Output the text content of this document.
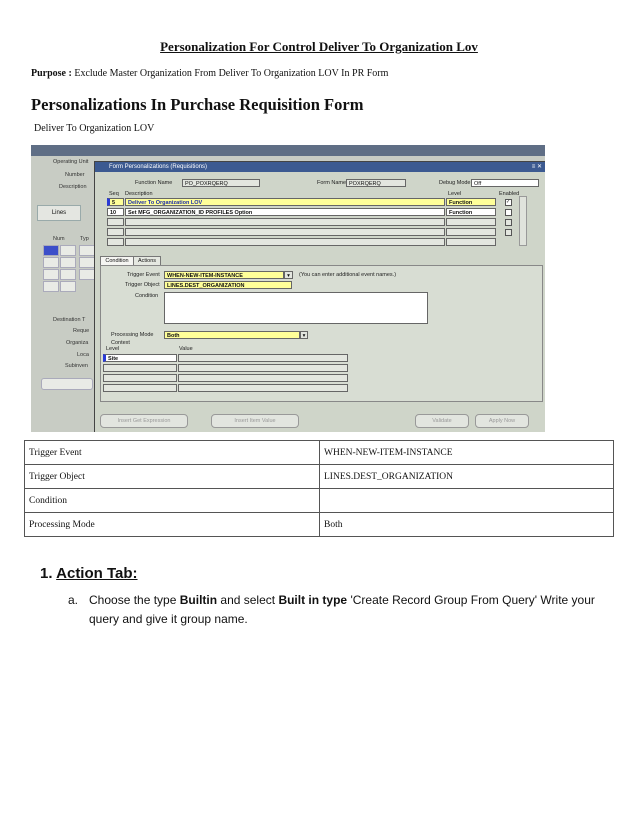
Personalization For Control Deliver To Organization Lov
Purpose : Exclude Master Organization From Deliver To Organization LOV In PR Form
Personalizations In Purchase Requisition Form
Deliver To Organization LOV
Operating Unit
Number
Description
Lines
Num	Typ
Destination T
Reque
Organiza
Loca
Subinven
Form Personalizations (Requisitions)	≡ ✕
Function Name	PO_POXRQERQ	Form Name POXRQERQ	Debug Mode Off
Seq Description	Level	Enabled
5	Deliver To Organization LOV	Function	✓
10	Set MFG_ORGANIZATION_ID PROFILES Option	Function
Condition	Actions
Trigger Event	WHEN-NEW-ITEM-INSTANCE	▾	(You can enter additional event names.)
Trigger Object	LINES.DEST_ORGANIZATION
Condition
Processing Mode	Both	▾
Context
Level	Value
Site
Insert Get Expression	Insert Item Value	Validate	Apply Now
Trigger Event	WHEN-NEW-ITEM-INSTANCE
Trigger Object	LINES.DEST_ORGANIZATION
Condition	
Processing Mode	Both
1. Action Tab:
a. Choose the type Builtin and select Built in type 'Create Record Group From Query' Write your query and give it group name.
